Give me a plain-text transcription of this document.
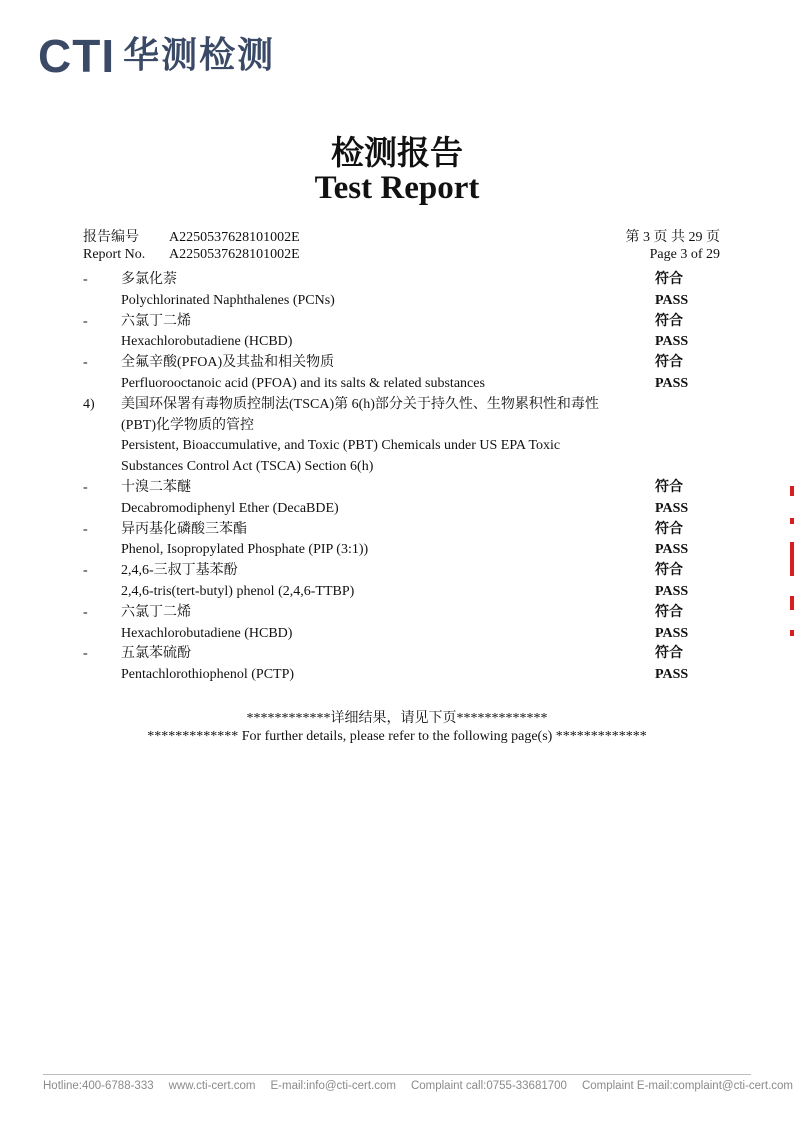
CTI 华测检测
检测报告
Test Report
报告编号	A2250537628101002E
Report No.	A2250537628101002E
第 3 页 共 29 页
Page 3 of 29
-	多氯化萘	符合
Polychlorinated Naphthalenes (PCNs)	PASS
-	六氯丁二烯	符合
Hexachlorobutadiene (HCBD)	PASS
-	全氟辛酸(PFOA)及其盐和相关物质	符合
Perfluorooctanoic acid (PFOA) and its salts & related substances	PASS
4)	美国环保署有毒物质控制法(TSCA)第 6(h)部分关于持久性、生物累积性和毒性
(PBT)化学物质的管控
Persistent, Bioaccumulative, and Toxic (PBT) Chemicals under US EPA Toxic
Substances Control Act (TSCA) Section 6(h)
-	十溴二苯醚	符合
Decabromodiphenyl Ether (DecaBDE)	PASS
-	异丙基化磷酸三苯酯	符合
Phenol, Isopropylated Phosphate (PIP (3:1))	PASS
-	2,4,6-三叔丁基苯酚	符合
2,4,6-tris(tert-butyl) phenol (2,4,6-TTBP)	PASS
-	六氯丁二烯	符合
Hexachlorobutadiene (HCBD)	PASS
-	五氯苯硫酚	符合
Pentachlorothiophenol (PCTP)	PASS
************详细结果，请见下页*************
************* For further details, please refer to the following page(s) *************
Hotline:400-6788-333 www.cti-cert.com E-mail:info@cti-cert.com Complaint call:0755-33681700 Complaint E-mail:complaint@cti-cert.com
